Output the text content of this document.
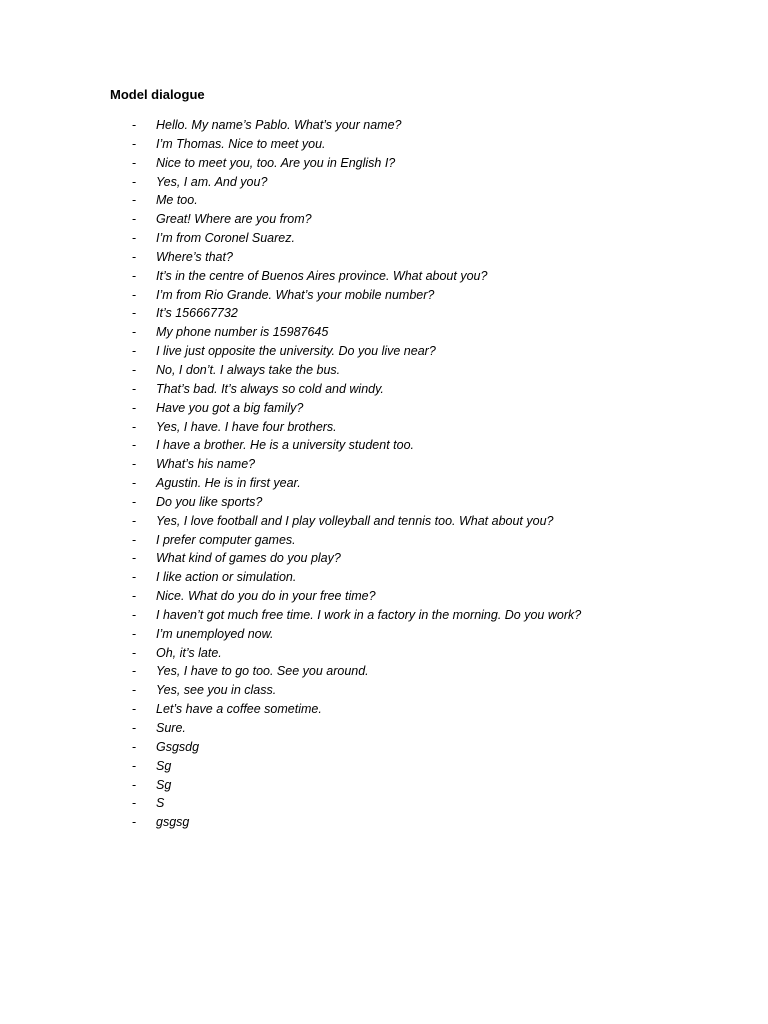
Model dialogue
- Hello. My name’s Pablo. What’s your name?
- I’m Thomas. Nice to meet you.
- Nice to meet you, too. Are you in English I?
- Yes, I am. And you?
- Me too.
- Great! Where are you from?
- I’m from Coronel Suarez.
- Where’s that?
- It’s in the centre of Buenos Aires province. What about you?
- I’m from Rio Grande. What’s your mobile number?
- It’s 156667732
- My phone number is 15987645
- I live just opposite the university. Do you live near?
- No, I don’t. I always take the bus.
- That’s bad. It’s always so cold and windy.
- Have you got a big family?
- Yes, I have. I have four brothers.
- I have a brother. He is a university student too.
- What’s his name?
- Agustin. He is in first year.
- Do you like sports?
- Yes, I love football and I play volleyball and tennis too. What about you?
- I prefer computer games.
- What kind of games do you play?
- I like action or simulation.
- Nice. What do you do in your free time?
- I haven’t got much free time. I work in a factory in the morning. Do you work?
- I’m unemployed now.
- Oh, it’s late.
- Yes, I have to go too. See you around.
- Yes, see you in class.
- Let’s have a coffee sometime.
- Sure.
- Gsgsdg
- Sg
- Sg
- S
- gsgsg
